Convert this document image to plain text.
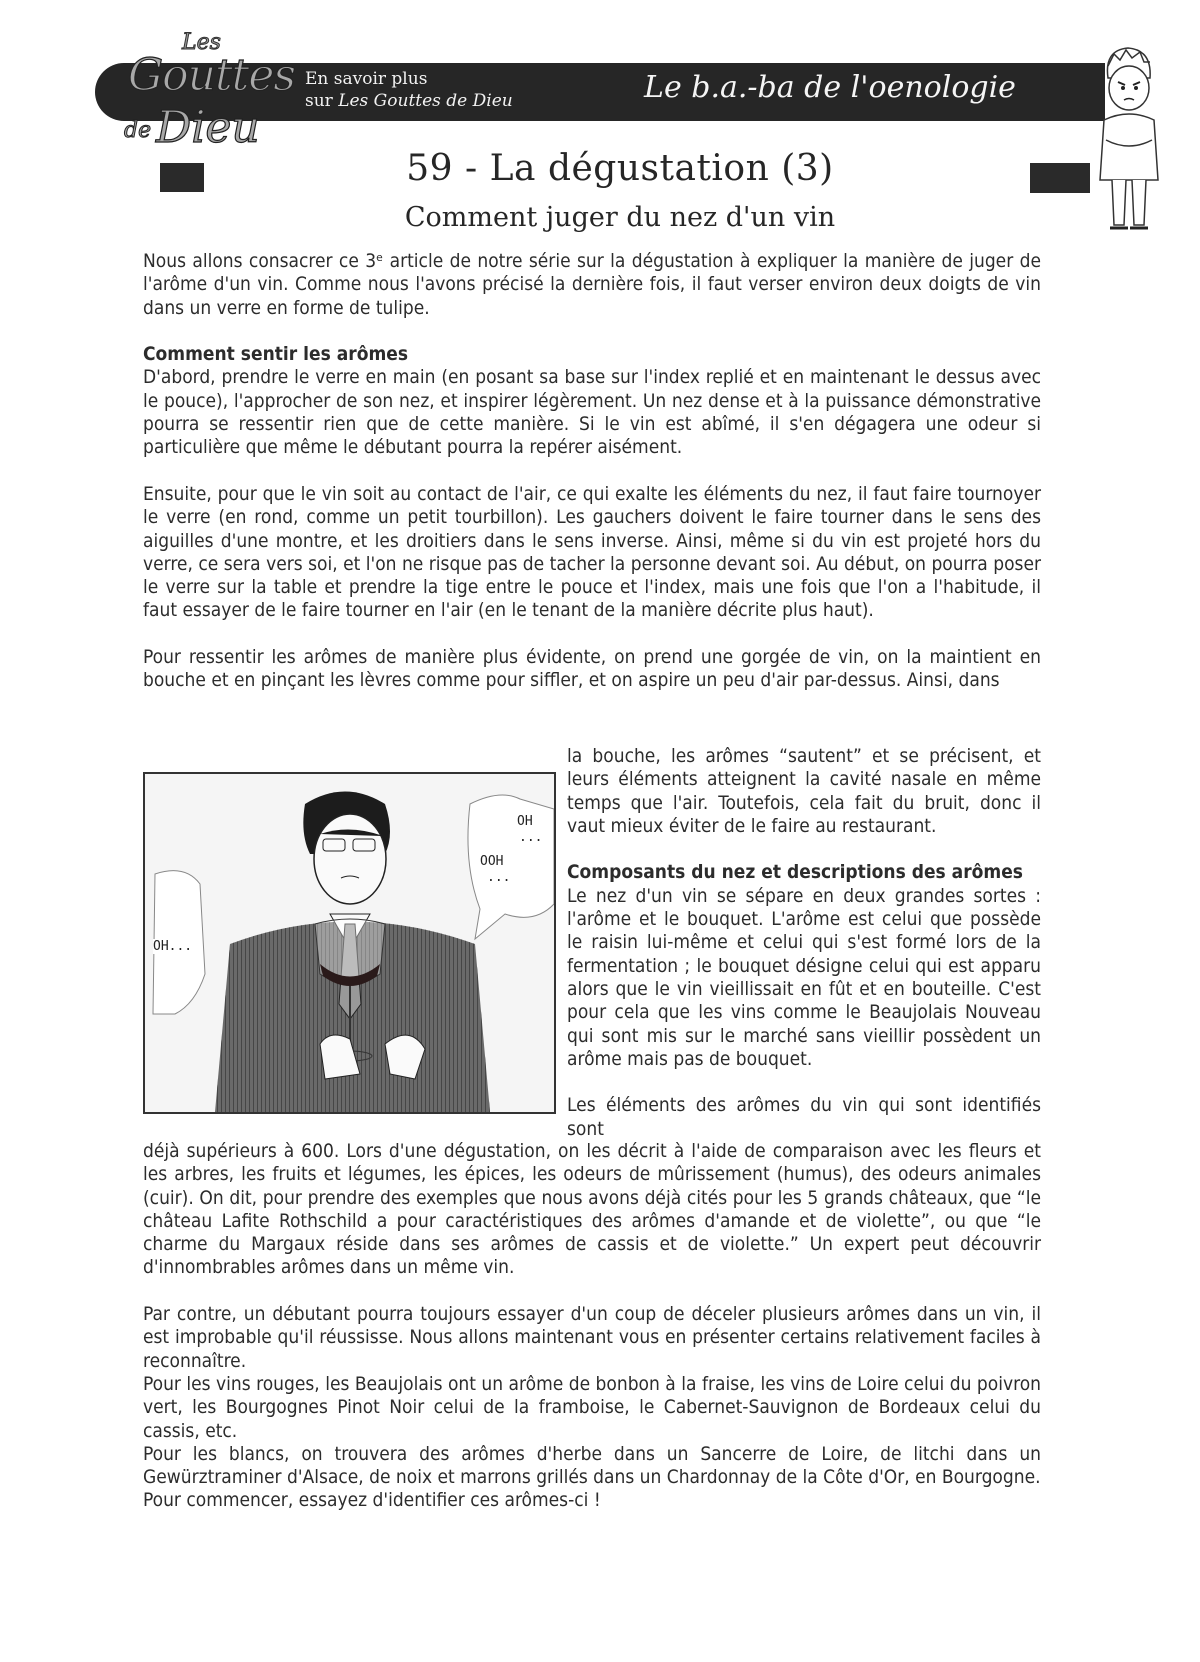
Les
Gouttes
de Dieu
En savoir plus
sur Les Gouttes de Dieu	Le b.a.-ba de l'oenologie
59 - La dégustation (3)
Comment juger du nez d'un vin

Nous allons consacrer ce 3ᵉ article de notre série sur la dégustation à expliquer la manière de juger de l'arôme d'un vin. Comme nous l'avons précisé la dernière fois, il faut verser environ deux doigts de vin dans un verre en forme de tulipe.

Comment sentir les arômes

D'abord, prendre le verre en main (en posant sa base sur l'index replié et en maintenant le dessus avec le pouce), l'approcher de son nez, et inspirer légèrement. Un nez dense et à la puissance démonstrative pourra se ressentir rien que de cette manière. Si le vin est abîmé, il s'en dégagera une odeur si particulière que même le débutant pourra la repérer aisément.

Ensuite, pour que le vin soit au contact de l'air, ce qui exalte les éléments du nez, il faut faire tournoyer le verre (en rond, comme un petit tourbillon). Les gauchers doivent le faire tourner dans le sens des aiguilles d'une montre, et les droitiers dans le sens inverse. Ainsi, même si du vin est projeté hors du verre, ce sera vers soi, et l'on ne risque pas de tacher la personne devant soi. Au début, on pourra poser le verre sur la table et prendre la tige entre le pouce et l'index, mais une fois que l'on a l'habitude, il faut essayer de le faire tourner en l'air (en le tenant de la manière décrite plus haut).

Pour ressentir les arômes de manière plus évidente, on prend une gorgée de vin, on la maintient en bouche et en pinçant les lèvres comme pour siffler, et on aspire un peu d'air par-dessus. Ainsi, dans

OH...
OH
...
OOH
...

la bouche, les arômes “sautent” et se précisent, et leurs éléments atteignent la cavité nasale en même temps que l'air. Toutefois, cela fait du bruit, donc il vaut mieux éviter de le faire au restaurant.

Composants du nez et descriptions des arômes

Le nez d'un vin se sépare en deux grandes sortes : l'arôme et le bouquet. L'arôme est celui que possède le raisin lui-même et celui qui s'est formé lors de la fermentation ; le bouquet désigne celui qui est apparu alors que le vin vieillissait en fût et en bouteille. C'est pour cela que les vins comme le Beaujolais Nouveau qui sont mis sur le marché sans vieillir possèdent un arôme mais pas de bouquet.

Les éléments des arômes du vin qui sont identifiés sont

déjà supérieurs à 600. Lors d'une dégustation, on les décrit à l'aide de comparaison avec les fleurs et les arbres, les fruits et légumes, les épices, les odeurs de mûrissement (humus), des odeurs animales (cuir). On dit, pour prendre des exemples que nous avons déjà cités pour les 5 grands châteaux, que “le château Lafite Rothschild a pour caractéristiques des arômes d'amande et de violette”, ou que “le charme du Margaux réside dans ses arômes de cassis et de violette.” Un expert peut découvrir d'innombrables arômes dans un même vin.

Par contre, un débutant pourra toujours essayer d'un coup de déceler plusieurs arômes dans un vin, il est improbable qu'il réussisse. Nous allons maintenant vous en présenter certains relativement faciles à reconnaître.

Pour les vins rouges, les Beaujolais ont un arôme de bonbon à la fraise, les vins de Loire celui du poivron vert, les Bourgognes Pinot Noir celui de la framboise, le Cabernet-Sauvignon de Bordeaux celui du cassis, etc.

Pour les blancs, on trouvera des arômes d'herbe dans un Sancerre de Loire, de litchi dans un Gewürztraminer d'Alsace, de noix et marrons grillés dans un Chardonnay de la Côte d'Or, en Bourgogne.

Pour commencer, essayez d'identifier ces arômes-ci !
